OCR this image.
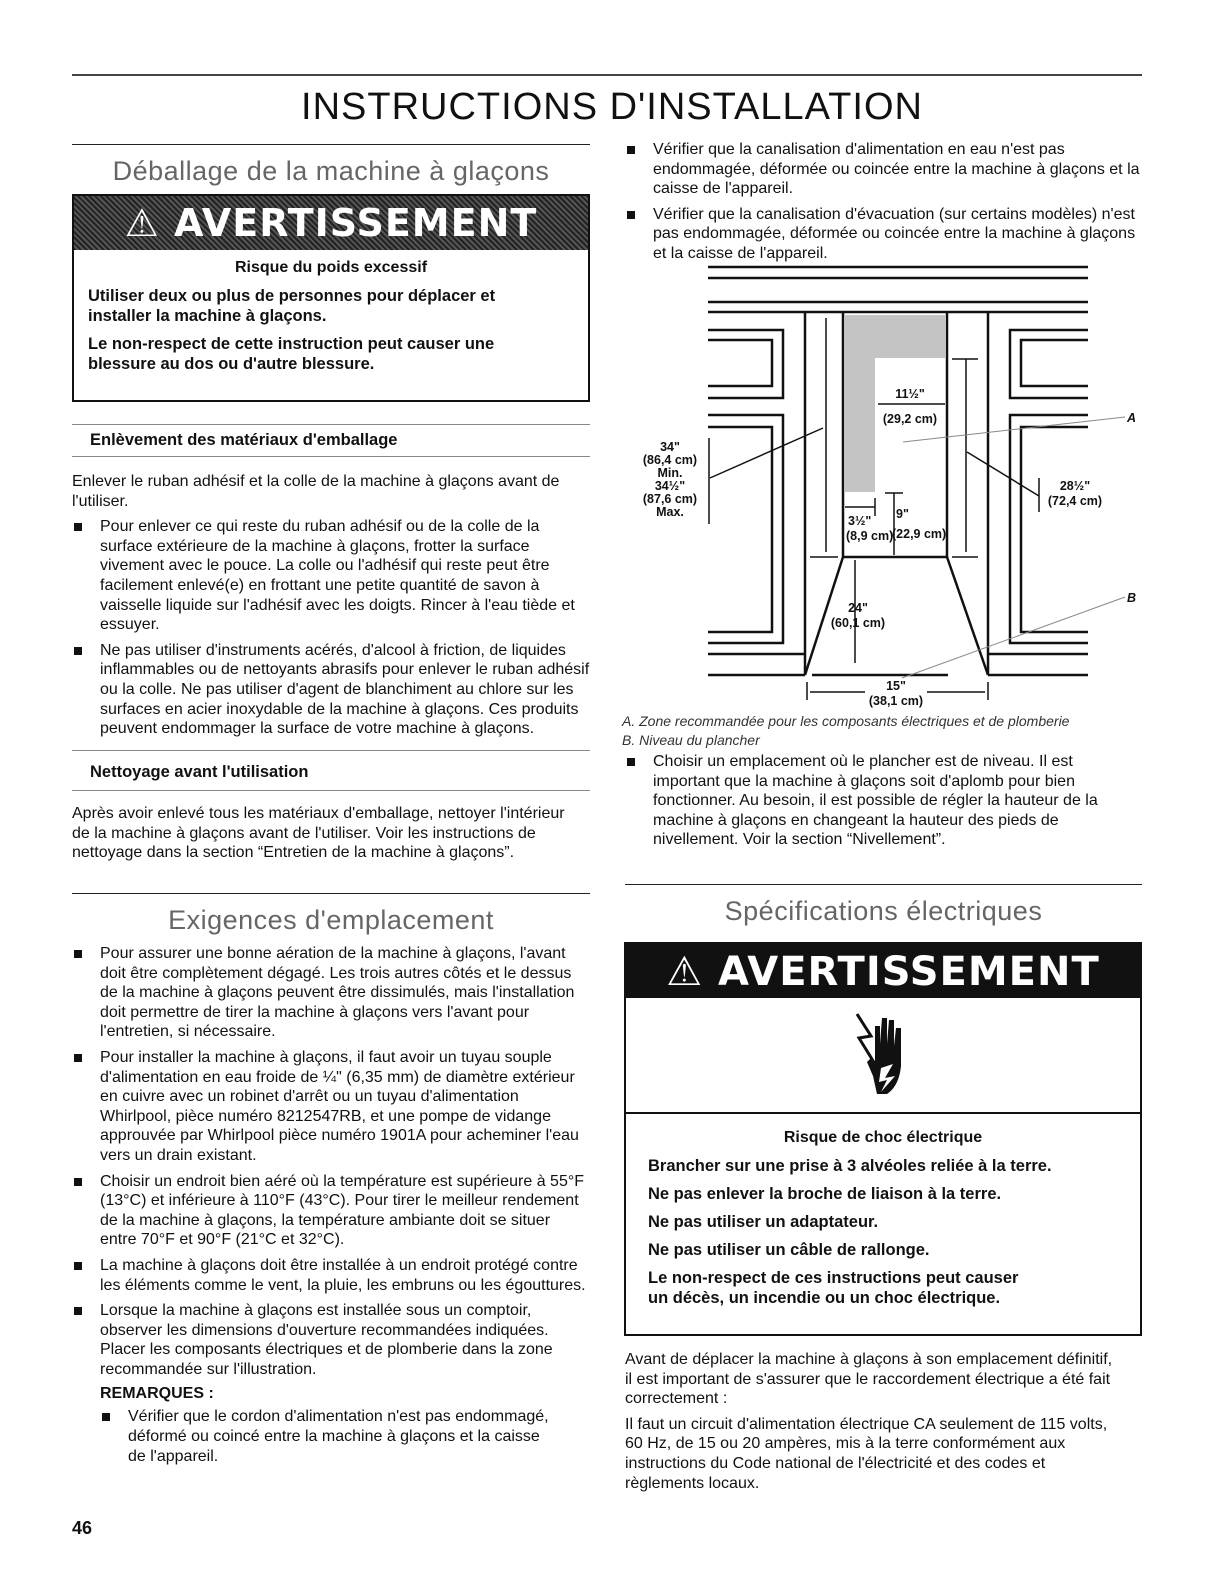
INSTRUCTIONS D'INSTALLATION
Déballage de la machine à glaçons
⚠ AVERTISSEMENT

Risque du poids excessif

Utiliser deux ou plus de personnes pour déplacer et installer la machine à glaçons.

Le non-respect de cette instruction peut causer une blessure au dos ou d'autre blessure.

Enlèvement des matériaux d'emballage

Enlever le ruban adhésif et la colle de la machine à glaçons avant de l'utiliser.

Pour enlever ce qui reste du ruban adhésif ou de la colle de la surface extérieure de la machine à glaçons, frotter la surface vivement avec le pouce. La colle ou l'adhésif qui reste peut être facilement enlevé(e) en frottant une petite quantité de savon à vaisselle liquide sur l'adhésif avec les doigts. Rincer à l'eau tiède et essuyer.
Ne pas utiliser d'instruments acérés, d'alcool à friction, de liquides inflammables ou de nettoyants abrasifs pour enlever le ruban adhésif ou la colle. Ne pas utiliser d'agent de blanchiment au chlore sur les surfaces en acier inoxydable de la machine à glaçons. Ces produits peuvent endommager la surface de votre machine à glaçons.
Nettoyage avant l'utilisation

Après avoir enlevé tous les matériaux d'emballage, nettoyer l'intérieur de la machine à glaçons avant de l'utiliser. Voir les instructions de nettoyage dans la section “Entretien de la machine à glaçons”.

Exigences d'emplacement
Pour assurer une bonne aération de la machine à glaçons, l'avant doit être complètement dégagé. Les trois autres côtés et le dessus de la machine à glaçons peuvent être dissimulés, mais l'installation doit permettre de tirer la machine à glaçons vers l'avant pour l'entretien, si nécessaire.
Pour installer la machine à glaçons, il faut avoir un tuyau souple d'alimentation en eau froide de ¼" (6,35 mm) de diamètre extérieur en cuivre avec un robinet d'arrêt ou un tuyau d'alimentation Whirlpool, pièce numéro 8212547RB, et une pompe de vidange approuvée par Whirlpool pièce numéro 1901A pour acheminer l'eau vers un drain existant.
Choisir un endroit bien aéré où la température est supérieure à 55°F (13°C) et inférieure à 110°F (43°C). Pour tirer le meilleur rendement de la machine à glaçons, la température ambiante doit se situer entre 70°F et 90°F (21°C et 32°C).
La machine à glaçons doit être installée à un endroit protégé contre les éléments comme le vent, la pluie, les embruns ou les égouttures.
Lorsque la machine à glaçons est installée sous un comptoir, observer les dimensions d'ouverture recommandées indiquées. Placer les composants électriques et de plomberie dans la zone recommandée sur l'illustration.
REMARQUES :
Vérifier que le cordon d'alimentation n'est pas endommagé, déformé ou coincé entre la machine à glaçons et la caisse de l'appareil.
46
Vérifier que la canalisation d'alimentation en eau n'est pas endommagée, déformée ou coincée entre la machine à glaçons et la caisse de l'appareil.
Vérifier que la canalisation d'évacuation (sur certains modèles) n'est pas endommagée, déformée ou coincée entre la machine à glaçons et la caisse de l'appareil.
34" (86,4 cm) Min. 34½" (87,6 cm) Max.
11½"
(29,2 cm)
28½"
(72,4 cm)
3½"
(8,9 cm)
9"
(22,9 cm)
24"
(60,1 cm)
15"
(38,1 cm)
A
B
A. Zone recommandée pour les composants électriques et de plomberie
B. Niveau du plancher
Choisir un emplacement où le plancher est de niveau. Il est important que la machine à glaçons soit d'aplomb pour bien fonctionner. Au besoin, il est possible de régler la hauteur de la machine à glaçons en changeant la hauteur des pieds de nivellement. Voir la section “Nivellement”.
Spécifications électriques
⚠ AVERTISSEMENT

Risque de choc électrique

Brancher sur une prise à 3 alvéoles reliée à la terre.

Ne pas enlever la broche de liaison à la terre.

Ne pas utiliser un adaptateur.

Ne pas utiliser un câble de rallonge.

Le non-respect de ces instructions peut causer un décès, un incendie ou un choc électrique.

Avant de déplacer la machine à glaçons à son emplacement définitif, il est important de s'assurer que le raccordement électrique a été fait correctement :

Il faut un circuit d'alimentation électrique CA seulement de 115 volts, 60 Hz, de 15 ou 20 ampères, mis à la terre conformément aux instructions du Code national de l'électricité et des codes et règlements locaux.
